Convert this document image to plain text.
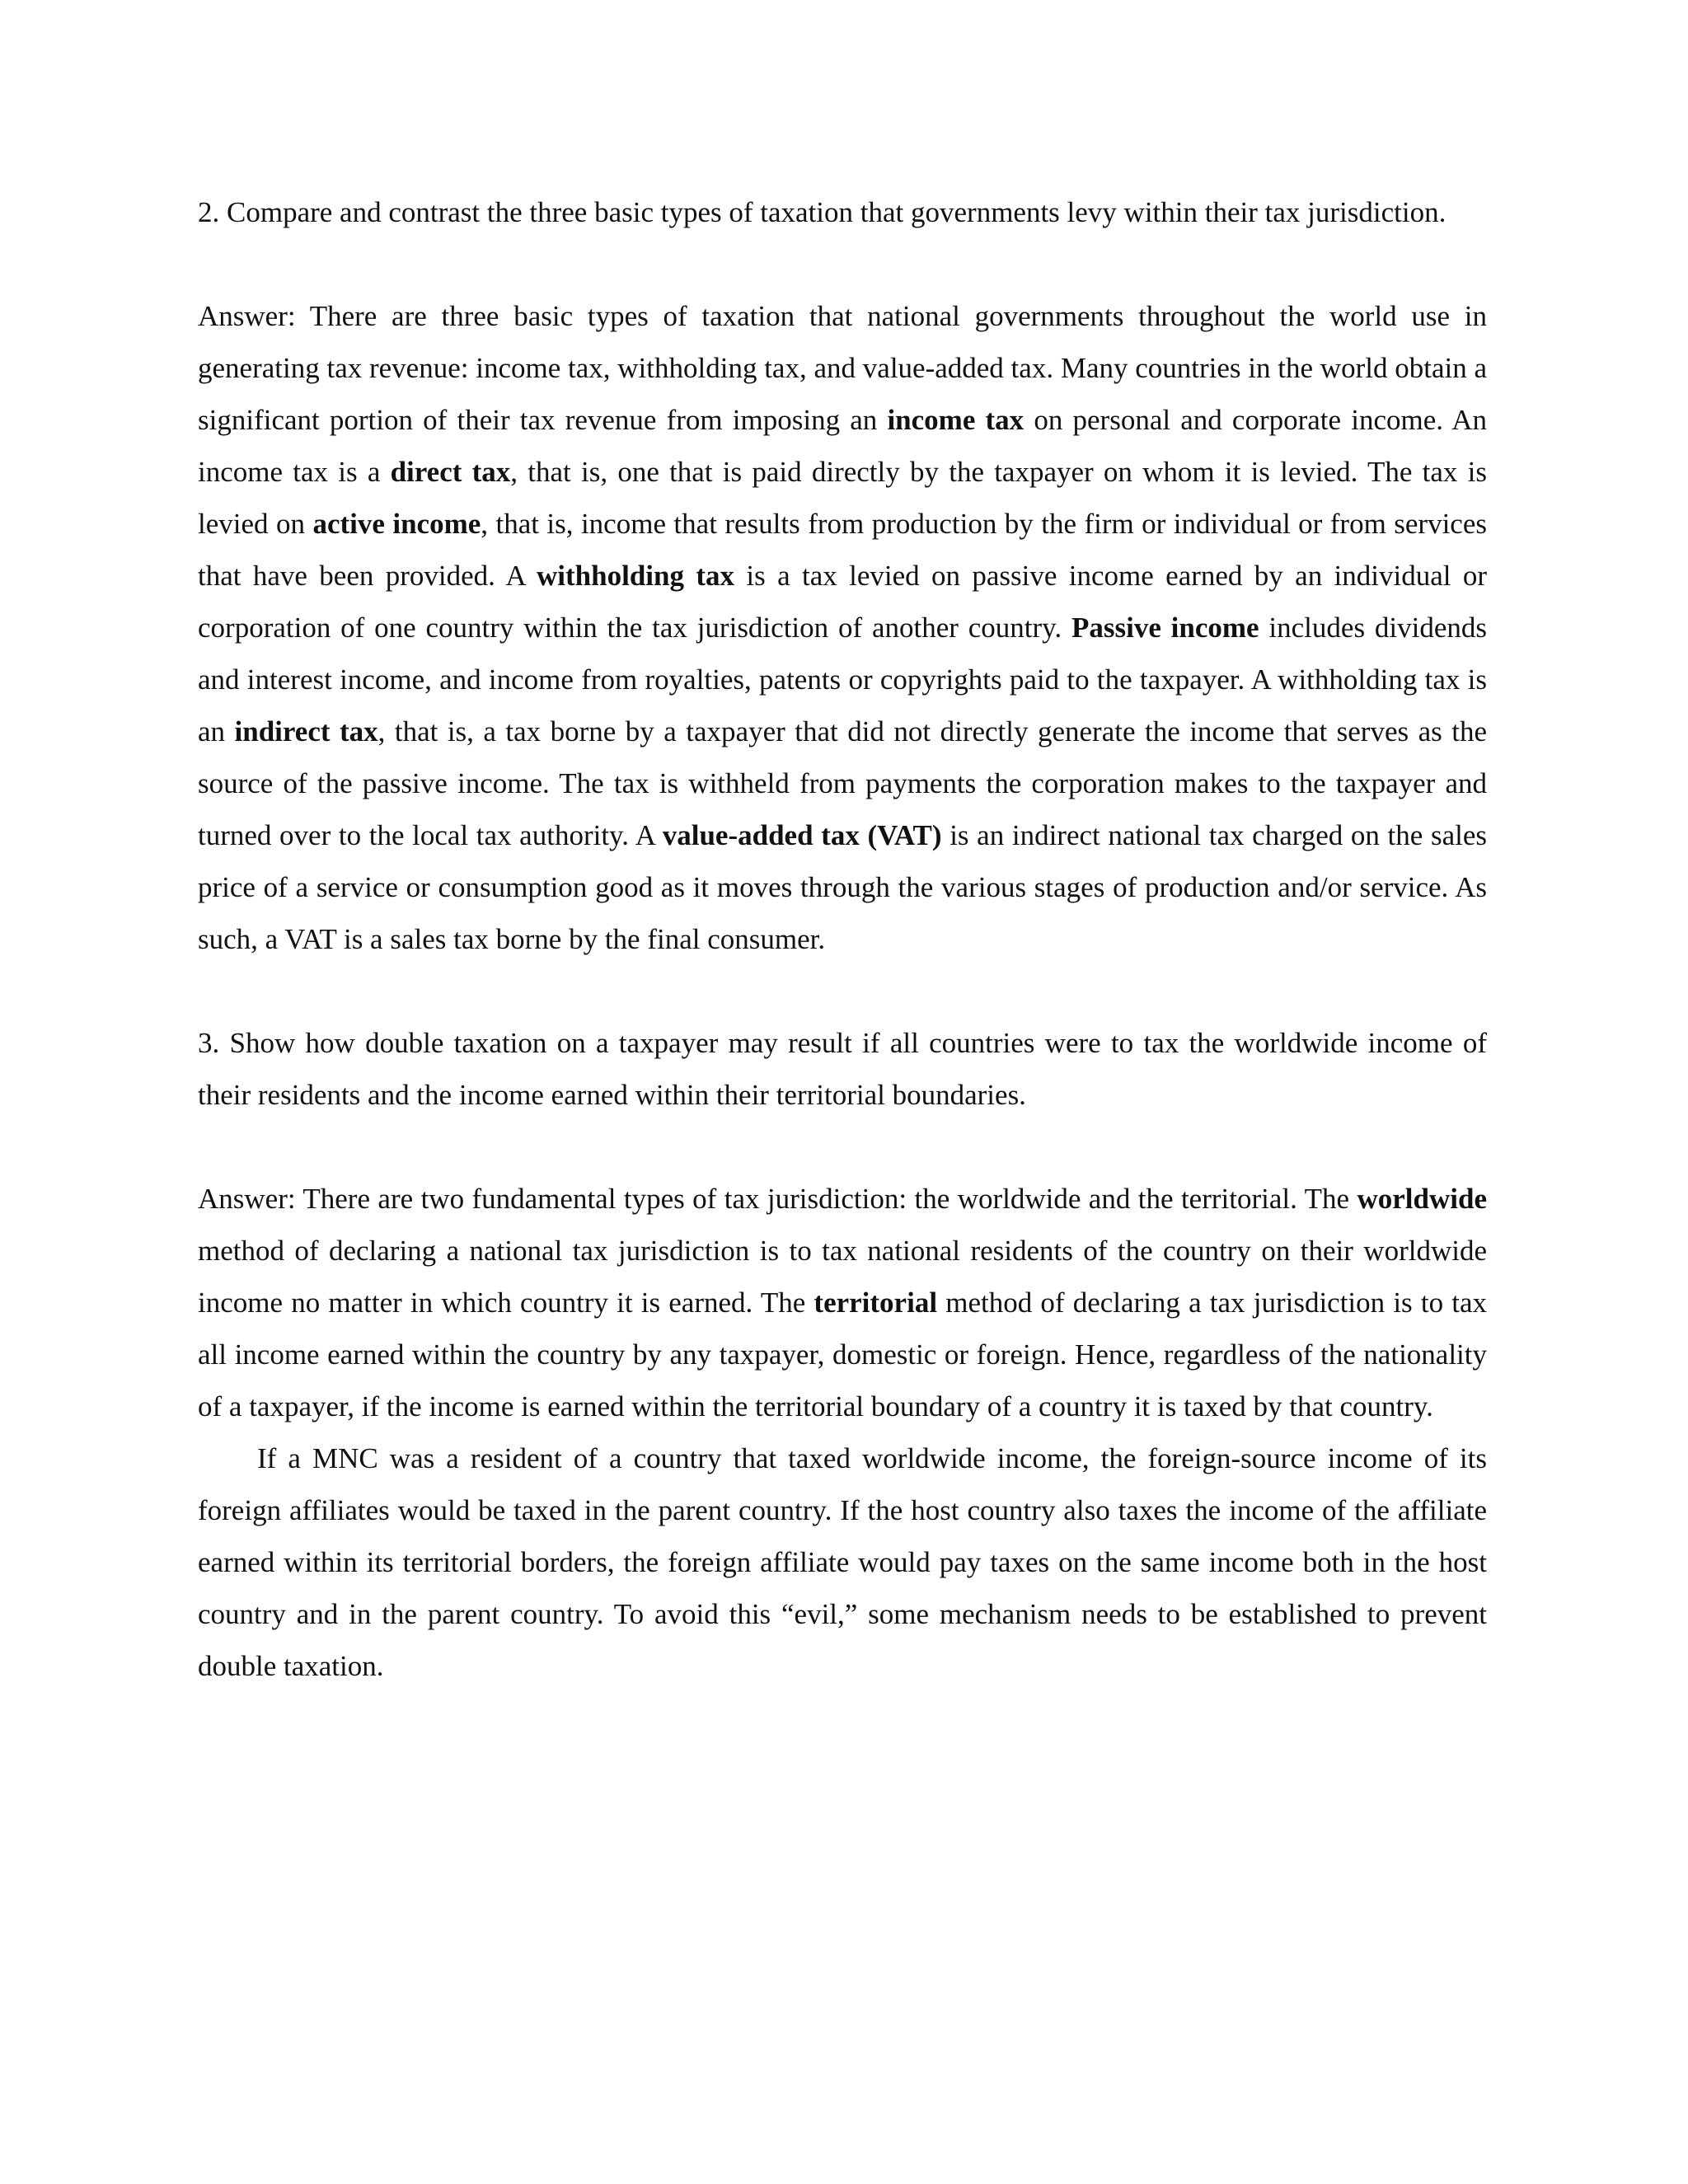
2. Compare and contrast the three basic types of taxation that governments levy within their tax jurisdiction.

Answer: There are three basic types of taxation that national governments throughout the world use in generating tax revenue: income tax, withholding tax, and value-added tax. Many countries in the world obtain a significant portion of their tax revenue from imposing an income tax on personal and corporate income. An income tax is a direct tax, that is, one that is paid directly by the taxpayer on whom it is levied. The tax is levied on active income, that is, income that results from production by the firm or individual or from services that have been provided. A withholding tax is a tax levied on passive income earned by an individual or corporation of one country within the tax jurisdiction of another country. Passive income includes dividends and interest income, and income from royalties, patents or copyrights paid to the taxpayer. A withholding tax is an indirect tax, that is, a tax borne by a taxpayer that did not directly generate the income that serves as the source of the passive income. The tax is withheld from payments the corporation makes to the taxpayer and turned over to the local tax authority. A value-added tax (VAT) is an indirect national tax charged on the sales price of a service or consumption good as it moves through the various stages of production and/or service. As such, a VAT is a sales tax borne by the final consumer.

3. Show how double taxation on a taxpayer may result if all countries were to tax the worldwide income of their residents and the income earned within their territorial boundaries.

Answer: There are two fundamental types of tax jurisdiction: the worldwide and the territorial. The worldwide method of declaring a national tax jurisdiction is to tax national residents of the country on their worldwide income no matter in which country it is earned. The territorial method of declaring a tax jurisdiction is to tax all income earned within the country by any taxpayer, domestic or foreign. Hence, regardless of the nationality of a taxpayer, if the income is earned within the territorial boundary of a country it is taxed by that country.

If a MNC was a resident of a country that taxed worldwide income, the foreign-source income of its foreign affiliates would be taxed in the parent country. If the host country also taxes the income of the affiliate earned within its territorial borders, the foreign affiliate would pay taxes on the same income both in the host country and in the parent country. To avoid this “evil,” some mechanism needs to be established to prevent double taxation.
